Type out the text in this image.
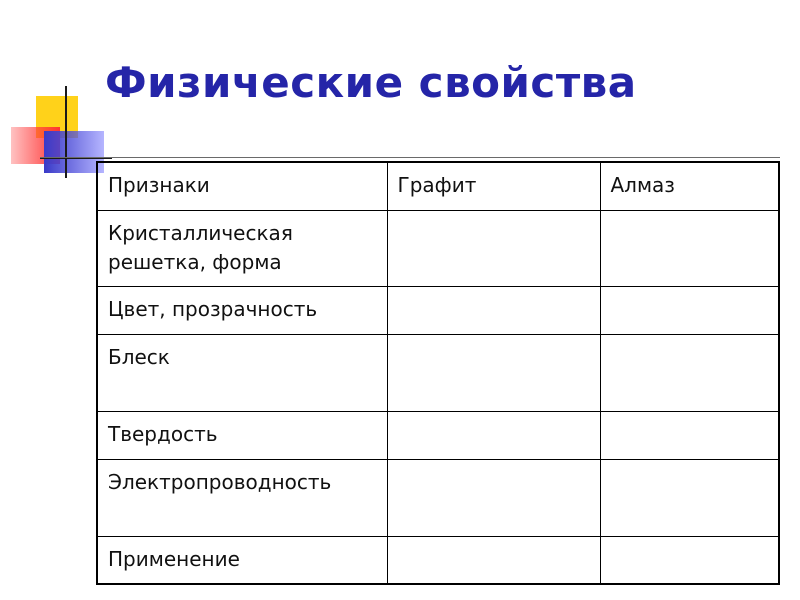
Физические свойства
Признаки	Графит	Алмаз
Кристаллическая решетка, форма		
Цвет, прозрачность		
Блеск		
Твердость		
Электропроводность		
Применение		
